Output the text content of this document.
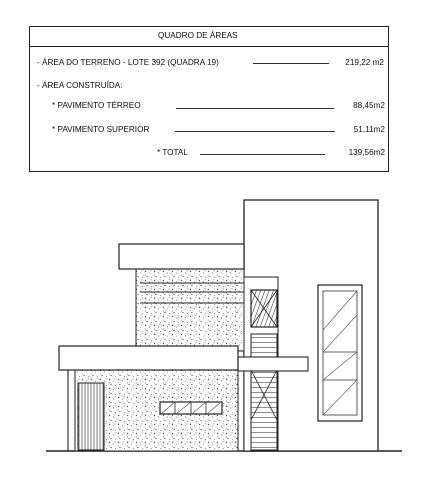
QUADRO DE ÁREAS
- ÁREA DO TERRENO - LOTE 392 (QUADRA 19)	219,22 m2
- ÁREA CONSTRUÍDA:
* PAVIMENTO TÉRREO	88,45m2
* PAVIMENTO SUPERIOR	51,11m2
* TOTAL	139,56m2
